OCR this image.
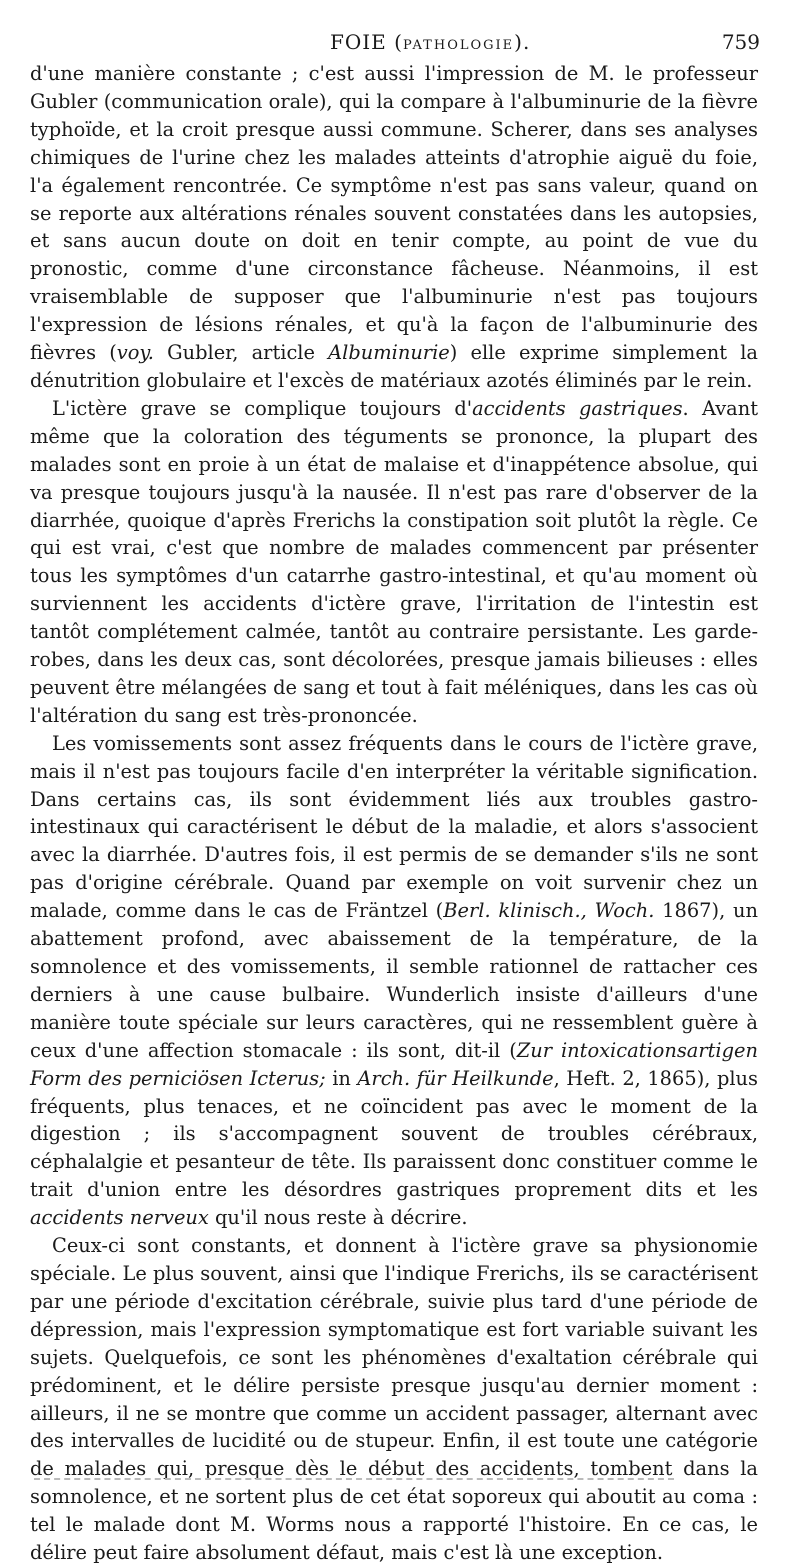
FOIE (PATHOLOGIE).	759

d'une manière constante ; c'est aussi l'impression de M. le professeur Gubler (communication orale), qui la compare à l'albuminurie de la fièvre typhoïde, et la croit presque aussi commune. Scherer, dans ses analyses chimiques de l'urine chez les malades atteints d'atrophie aiguë du foie, l'a également rencontrée. Ce symptôme n'est pas sans valeur, quand on se reporte aux altérations rénales souvent constatées dans les autopsies, et sans aucun doute on doit en tenir compte, au point de vue du pronostic, comme d'une circonstance fâcheuse. Néanmoins, il est vraisemblable de supposer que l'albuminurie n'est pas toujours l'expression de lésions rénales, et qu'à la façon de l'albuminurie des fièvres (voy. Gubler, article Albuminurie) elle exprime simplement la dénutrition globulaire et l'excès de matériaux azotés éliminés par le rein.

L'ictère grave se complique toujours d'accidents gastriques. Avant même que la coloration des téguments se prononce, la plupart des malades sont en proie à un état de malaise et d'inappétence absolue, qui va presque toujours jusqu'à la nausée. Il n'est pas rare d'observer de la diarrhée, quoique d'après Frerichs la constipation soit plutôt la règle. Ce qui est vrai, c'est que nombre de malades commencent par présenter tous les symptômes d'un catarrhe gastro-intestinal, et qu'au moment où surviennent les accidents d'ictère grave, l'irritation de l'intestin est tantôt complétement calmée, tantôt au contraire persistante. Les garde-robes, dans les deux cas, sont décolorées, presque jamais bilieuses : elles peuvent être mélangées de sang et tout à fait méléniques, dans les cas où l'altération du sang est très-prononcée.

Les vomissements sont assez fréquents dans le cours de l'ictère grave, mais il n'est pas toujours facile d'en interpréter la véritable signification. Dans certains cas, ils sont évidemment liés aux troubles gastro-intestinaux qui caractérisent le début de la maladie, et alors s'associent avec la diarrhée. D'autres fois, il est permis de se demander s'ils ne sont pas d'origine cérébrale. Quand par exemple on voit survenir chez un malade, comme dans le cas de Fräntzel (Berl. klinisch., Woch. 1867), un abattement profond, avec abaissement de la température, de la somnolence et des vomissements, il semble rationnel de rattacher ces derniers à une cause bulbaire. Wunderlich insiste d'ailleurs d'une manière toute spéciale sur leurs caractères, qui ne ressemblent guère à ceux d'une affection stomacale : ils sont, dit-il (Zur intoxicationsartigen Form des perniciösen Icterus; in Arch. für Heilkunde, Heft. 2, 1865), plus fréquents, plus tenaces, et ne coïncident pas avec le moment de la digestion ; ils s'accompagnent souvent de troubles cérébraux, céphalalgie et pesanteur de tête. Ils paraissent donc constituer comme le trait d'union entre les désordres gastriques proprement dits et les accidents nerveux qu'il nous reste à décrire.

Ceux-ci sont constants, et donnent à l'ictère grave sa physionomie spéciale. Le plus souvent, ainsi que l'indique Frerichs, ils se caractérisent par une période d'excitation cérébrale, suivie plus tard d'une période de dépression, mais l'expression symptomatique est fort variable suivant les sujets. Quelquefois, ce sont les phénomènes d'exaltation cérébrale qui prédominent, et le délire persiste presque jusqu'au dernier moment : ailleurs, il ne se montre que comme un accident passager, alternant avec des intervalles de lucidité ou de stupeur. Enfin, il est toute une catégorie de malades qui, presque dès le début des accidents, tombent dans la somnolence, et ne sortent plus de cet état soporeux qui aboutit au coma : tel le malade dont M. Worms nous a rapporté l'histoire. En ce cas, le délire peut faire absolument défaut, mais c'est là une exception.
